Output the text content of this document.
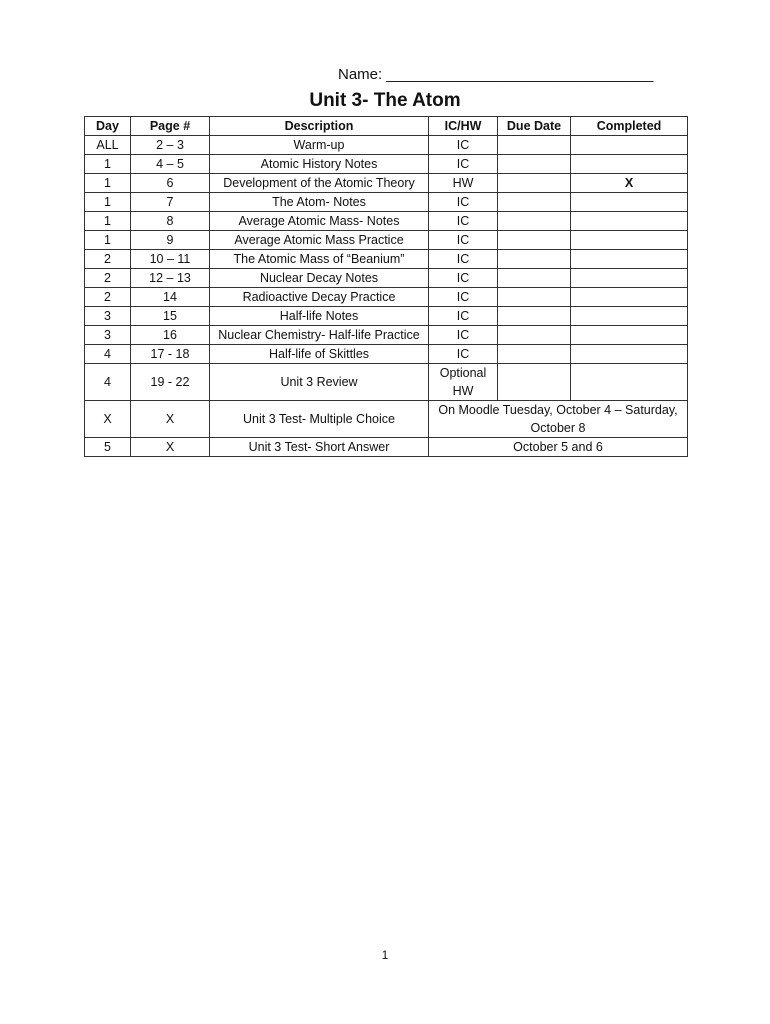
Name: ________________________________
Unit 3- The Atom
Day	Page #	Description	IC/HW	Due Date	Completed
ALL	2 – 3	Warm-up	IC		
1	4 – 5	Atomic History Notes	IC		
1	6	Development of the Atomic Theory	HW		X
1	7	The Atom- Notes	IC		
1	8	Average Atomic Mass- Notes	IC		
1	9	Average Atomic Mass Practice	IC		
2	10 – 11	The Atomic Mass of “Beanium”	IC		
2	12 – 13	Nuclear Decay Notes	IC		
2	14	Radioactive Decay Practice	IC		
3	15	Half-life Notes	IC		
3	16	Nuclear Chemistry- Half-life Practice	IC		
4	17 - 18	Half-life of Skittles	IC		
4	19 - 22	Unit 3 Review	Optional HW		
X	X	Unit 3 Test- Multiple Choice	On Moodle Tuesday, October 4 – Saturday, October 8		
5	X	Unit 3 Test- Short Answer	October 5 and 6		
1
